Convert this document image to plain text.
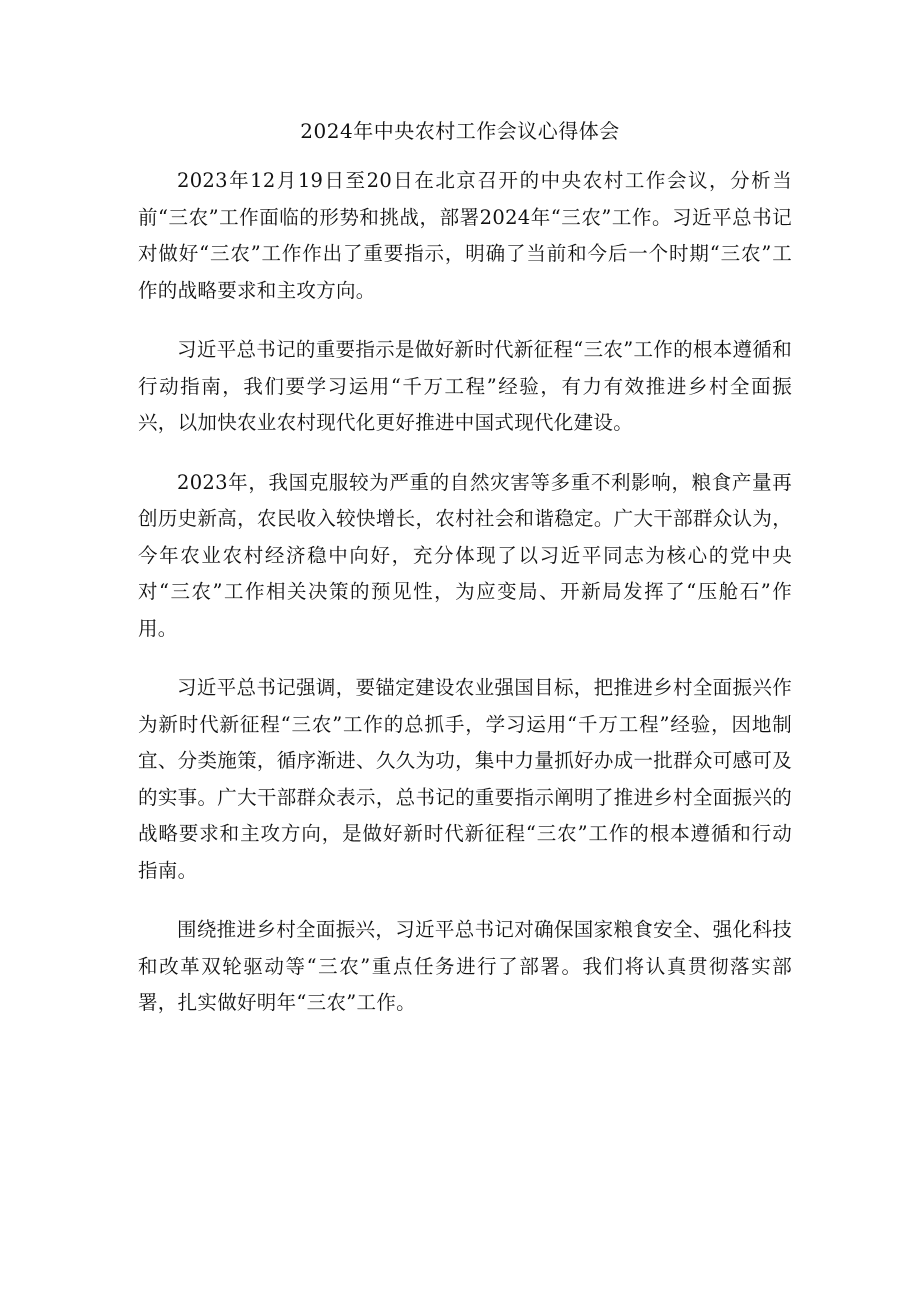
2024年中央农村工作会议心得体会

2023年12月19日至20日在北京召开的中央农村工作会议，分析当前“三农”工作面临的形势和挑战，部署2024年“三农”工作。习近平总书记对做好“三农”工作作出了重要指示，明确了当前和今后一个时期“三农”工作的战略要求和主攻方向。

习近平总书记的重要指示是做好新时代新征程“三农”工作的根本遵循和行动指南，我们要学习运用“千万工程”经验，有力有效推进乡村全面振兴，以加快农业农村现代化更好推进中国式现代化建设。

2023年，我国克服较为严重的自然灾害等多重不利影响，粮食产量再创历史新高，农民收入较快增长，农村社会和谐稳定。广大干部群众认为，今年农业农村经济稳中向好，充分体现了以习近平同志为核心的党中央对“三农”工作相关决策的预见性，为应变局、开新局发挥了“压舱石”作用。

习近平总书记强调，要锚定建设农业强国目标，把推进乡村全面振兴作为新时代新征程“三农”工作的总抓手，学习运用“千万工程”经验，因地制宜、分类施策，循序渐进、久久为功，集中力量抓好办成一批群众可感可及的实事。广大干部群众表示，总书记的重要指示阐明了推进乡村全面振兴的战略要求和主攻方向，是做好新时代新征程“三农”工作的根本遵循和行动指南。

围绕推进乡村全面振兴，习近平总书记对确保国家粮食安全、强化科技和改革双轮驱动等“三农”重点任务进行了部署。我们将认真贯彻落实部署，扎实做好明年“三农”工作。
